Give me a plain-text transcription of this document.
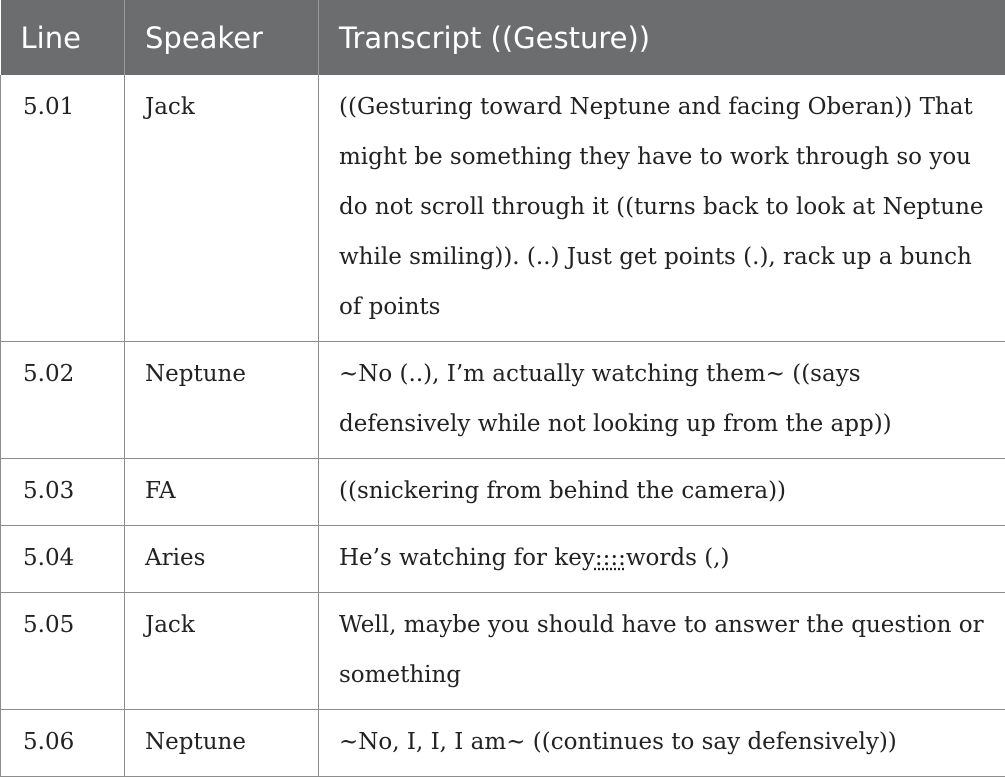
Line	Speaker	Transcript ((Gesture))
5.01	Jack	((Gesturing toward Neptune and facing Oberan)) That might be something they have to work through so you do not scroll through it ((turns back to look at Neptune while smiling)). (..) Just get points (.), rack up a bunch of points
5.02	Neptune	~No (..), I’m actually watching them~ ((says defensively while not looking up from the app))
5.03	FA	((snickering from behind the camera))
5.04	Aries	He’s watching for key::::words (,)
5.05	Jack	Well, maybe you should have to answer the question or something
5.06	Neptune	~No, I, I, I am~ ((continues to say defensively))
